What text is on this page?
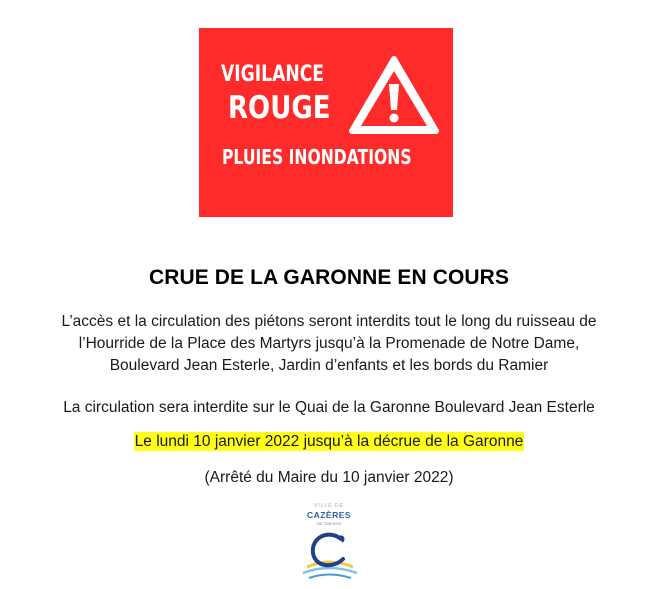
VIGILANCE
ROUGE
PLUIES INONDATIONS
CRUE DE LA GARONNE EN COURS
L’accès et la circulation des piétons seront interdits tout le long du ruisseau de
l’Hourride de la Place des Martyrs jusqu’à la Promenade de Notre Dame,
Boulevard Jean Esterle, Jardin d’enfants et les bords du Ramier
La circulation sera interdite sur le Quai de la Garonne Boulevard Jean Esterle
Le lundi 10 janvier 2022 jusqu’à la décrue de la Garonne
(Arrêté du Maire du 10 janvier 2022)
VILLE DE
CAZÈRES
sur Garonne
